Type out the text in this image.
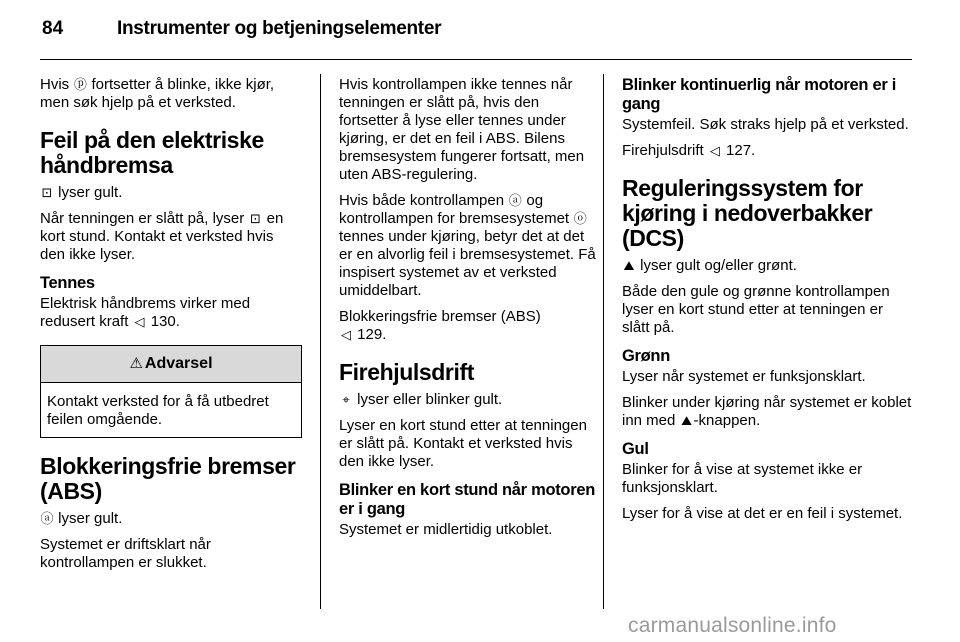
84	Instrumenter og betjeningselementer

Hvis ⓟ fortsetter å blinke, ikke kjør, men søk hjelp på et verksted.

Feil på den elektriske håndbremsa

⊡ lyser gult.

Når tenningen er slått på, lyser ⊡ en kort stund. Kontakt et verksted hvis den ikke lyser.

Tennes

Elektrisk håndbrems virker med redusert kraft ◁ 130.

⚠ Advarsel
Kontakt verksted for å få utbedret feilen omgående.
Blokkeringsfrie bremser (ABS)

ⓐ lyser gult.

Systemet er driftsklart når kontrollampen er slukket.

Hvis kontrollampen ikke tennes når tenningen er slått på, hvis den fortsetter å lyse eller tennes under kjøring, er det en feil i ABS. Bilens bremsesystem fungerer fortsatt, men uten ABS-regulering.

Hvis både kontrollampen ⓐ og kontrollampen for bremsesystemet ⓞ tennes under kjøring, betyr det at det er en alvorlig feil i bremsesystemet. Få inspisert systemet av et verksted umiddelbart.

Blokkeringsfrie bremser (ABS)
◁ 129.

Firehjulsdrift

⌖ lyser eller blinker gult.

Lyser en kort stund etter at tenningen er slått på. Kontakt et verksted hvis den ikke lyser.

Blinker en kort stund når motoren er i gang

Systemet er midlertidig utkoblet.

Blinker kontinuerlig når motoren er i gang

Systemfeil. Søk straks hjelp på et verksted.

Firehjulsdrift ◁ 127.

Reguleringssystem for kjøring i nedoverbakker (DCS)

⛰ lyser gult og/eller grønt.

Både den gule og grønne kontrollampen lyser en kort stund etter at tenningen er slått på.

Grønn

Lyser når systemet er funksjonsklart.

Blinker under kjøring når systemet er koblet inn med ⛰ -knappen.

Gul

Blinker for å vise at systemet ikke er funksjonsklart.

Lyser for å vise at det er en feil i systemet.

carmanualsonline.info
